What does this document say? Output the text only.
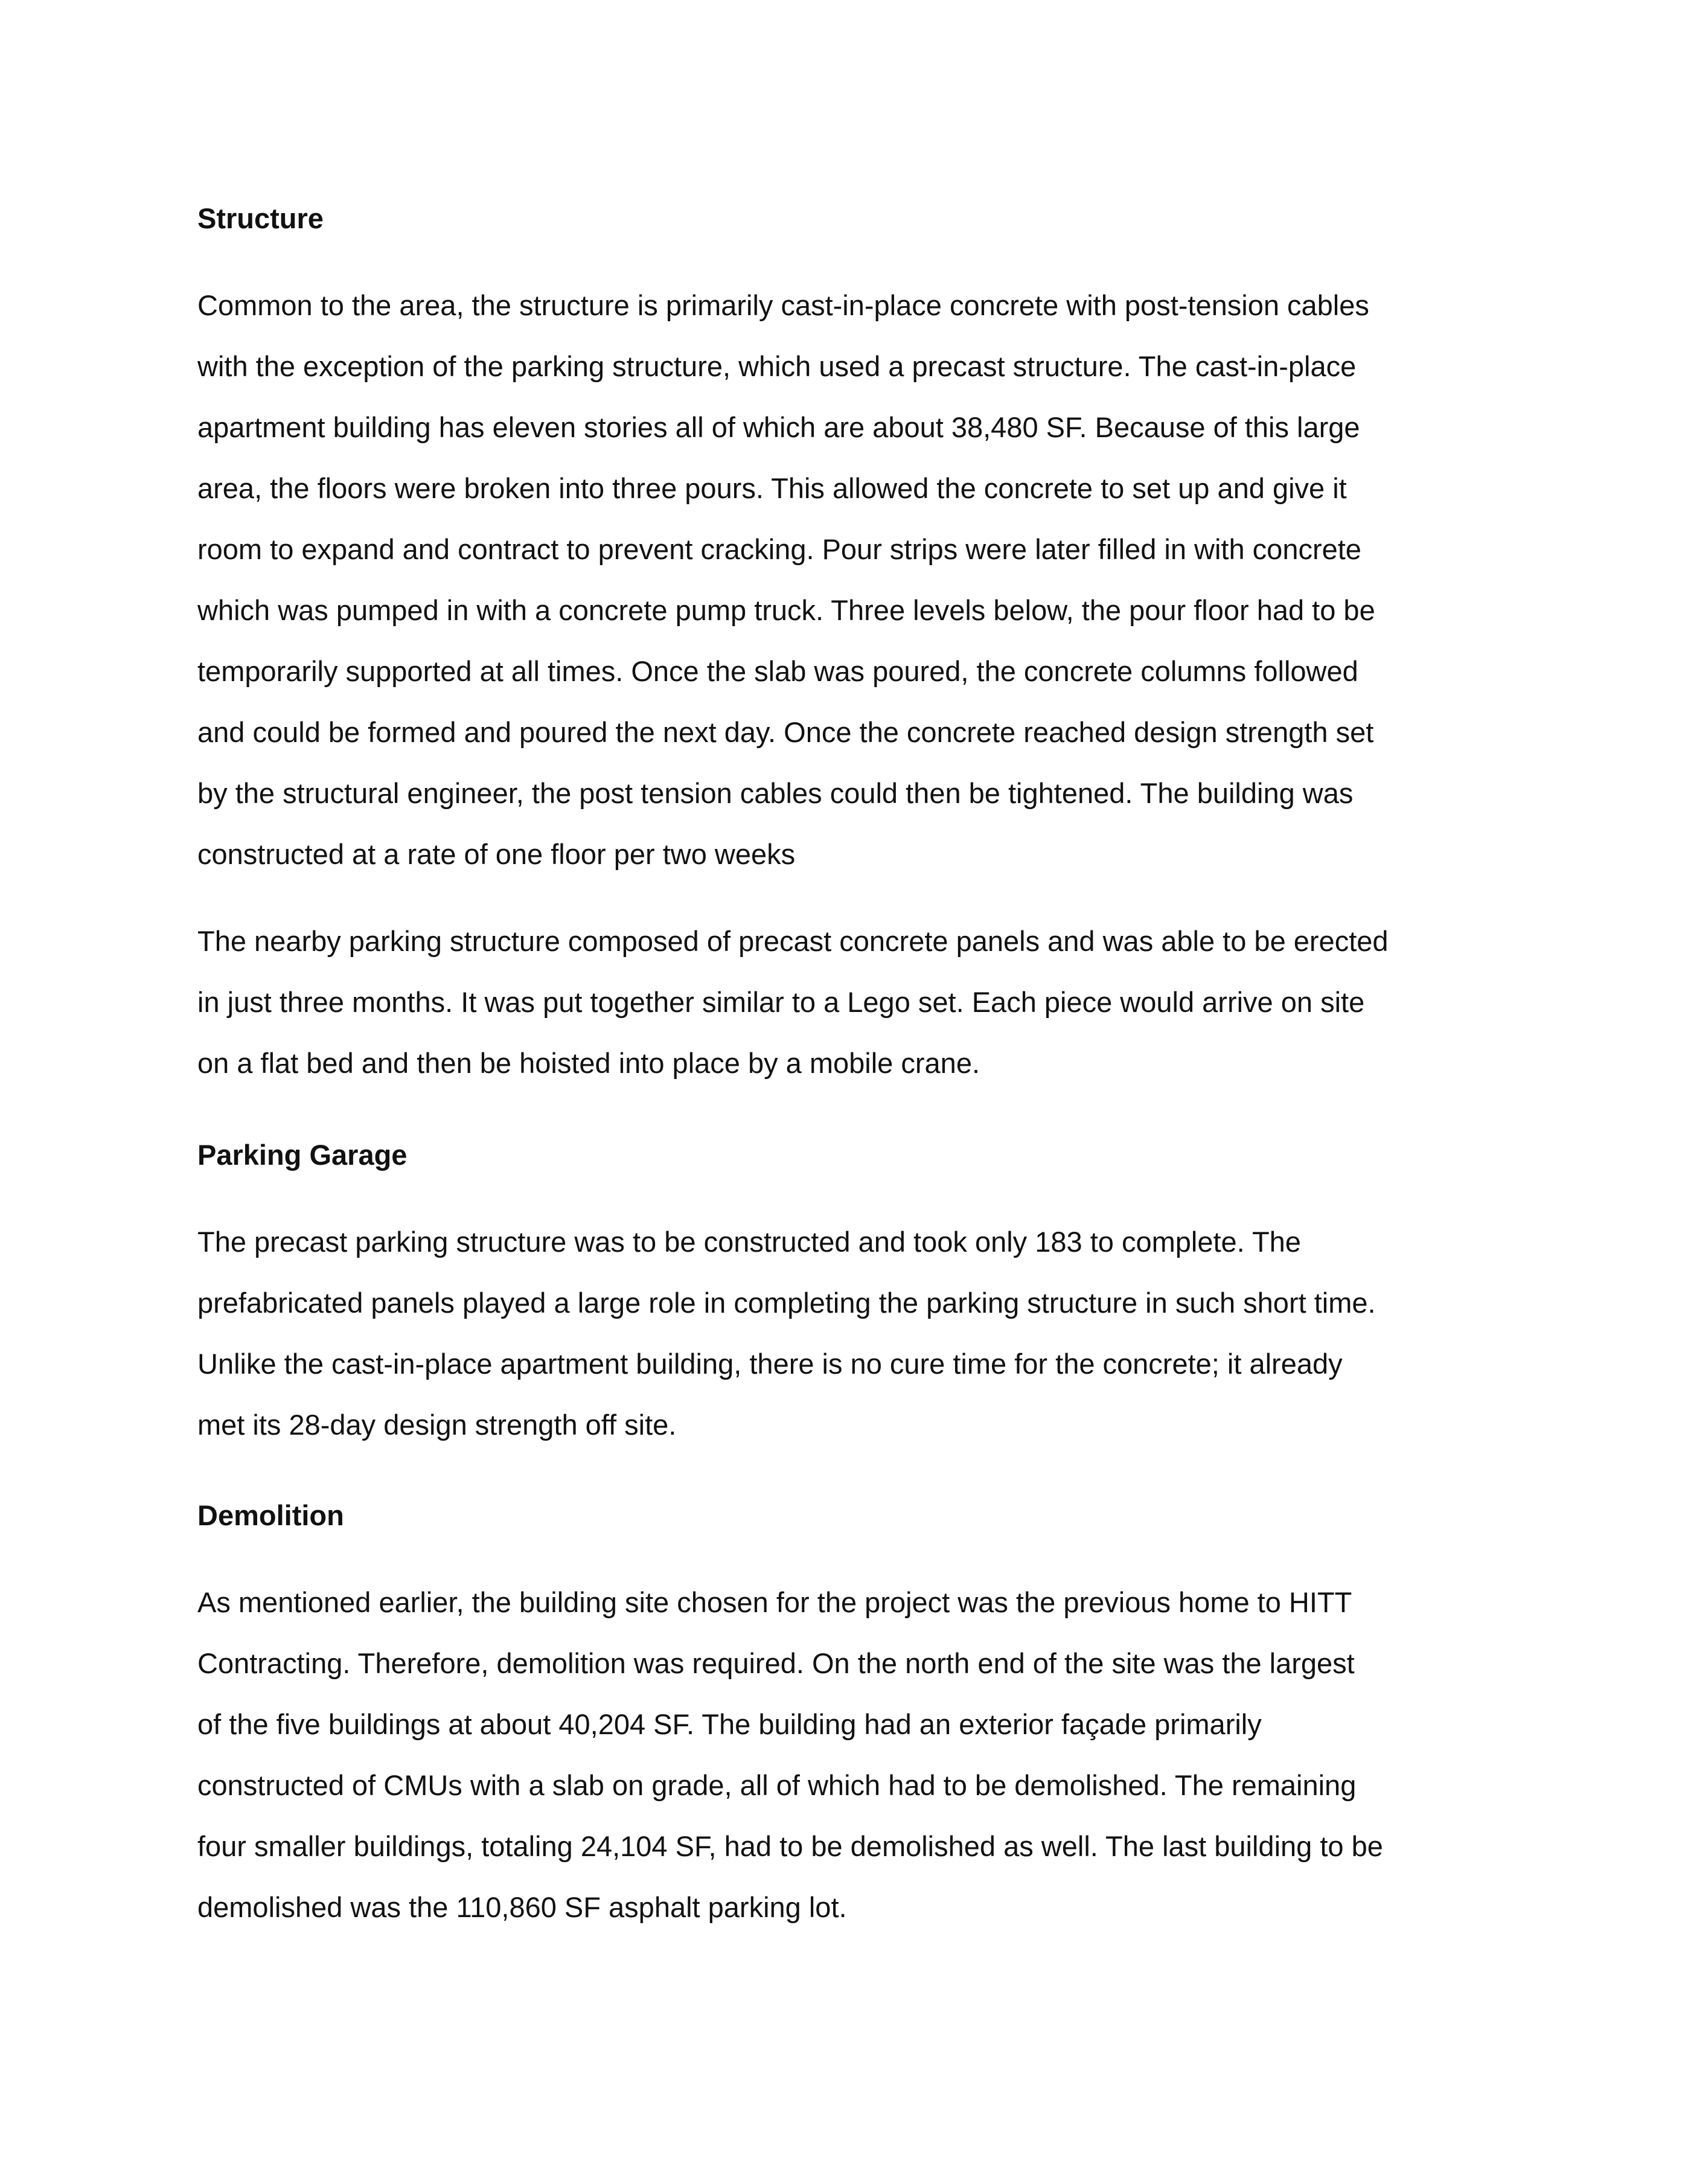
Structure

Common to the area, the structure is primarily cast-in-place concrete with post-tension cables
with the exception of the parking structure, which used a precast structure. The cast-in-place
apartment building has eleven stories all of which are about 38,480 SF. Because of this large
area, the floors were broken into three pours. This allowed the concrete to set up and give it
room to expand and contract to prevent cracking. Pour strips were later filled in with concrete
which was pumped in with a concrete pump truck. Three levels below, the pour floor had to be
temporarily supported at all times. Once the slab was poured, the concrete columns followed
and could be formed and poured the next day. Once the concrete reached design strength set
by the structural engineer, the post tension cables could then be tightened. The building was
constructed at a rate of one floor per two weeks

The nearby parking structure composed of precast concrete panels and was able to be erected
in just three months. It was put together similar to a Lego set. Each piece would arrive on site
on a flat bed and then be hoisted into place by a mobile crane.

Parking Garage

The precast parking structure was to be constructed and took only 183 to complete. The
prefabricated panels played a large role in completing the parking structure in such short time.
Unlike the cast-in-place apartment building, there is no cure time for the concrete; it already
met its 28-day design strength off site.

Demolition

As mentioned earlier, the building site chosen for the project was the previous home to HITT
Contracting. Therefore, demolition was required. On the north end of the site was the largest
of the five buildings at about 40,204 SF. The building had an exterior façade primarily
constructed of CMUs with a slab on grade, all of which had to be demolished. The remaining
four smaller buildings, totaling 24,104 SF, had to be demolished as well. The last building to be
demolished was the 110,860 SF asphalt parking lot.
